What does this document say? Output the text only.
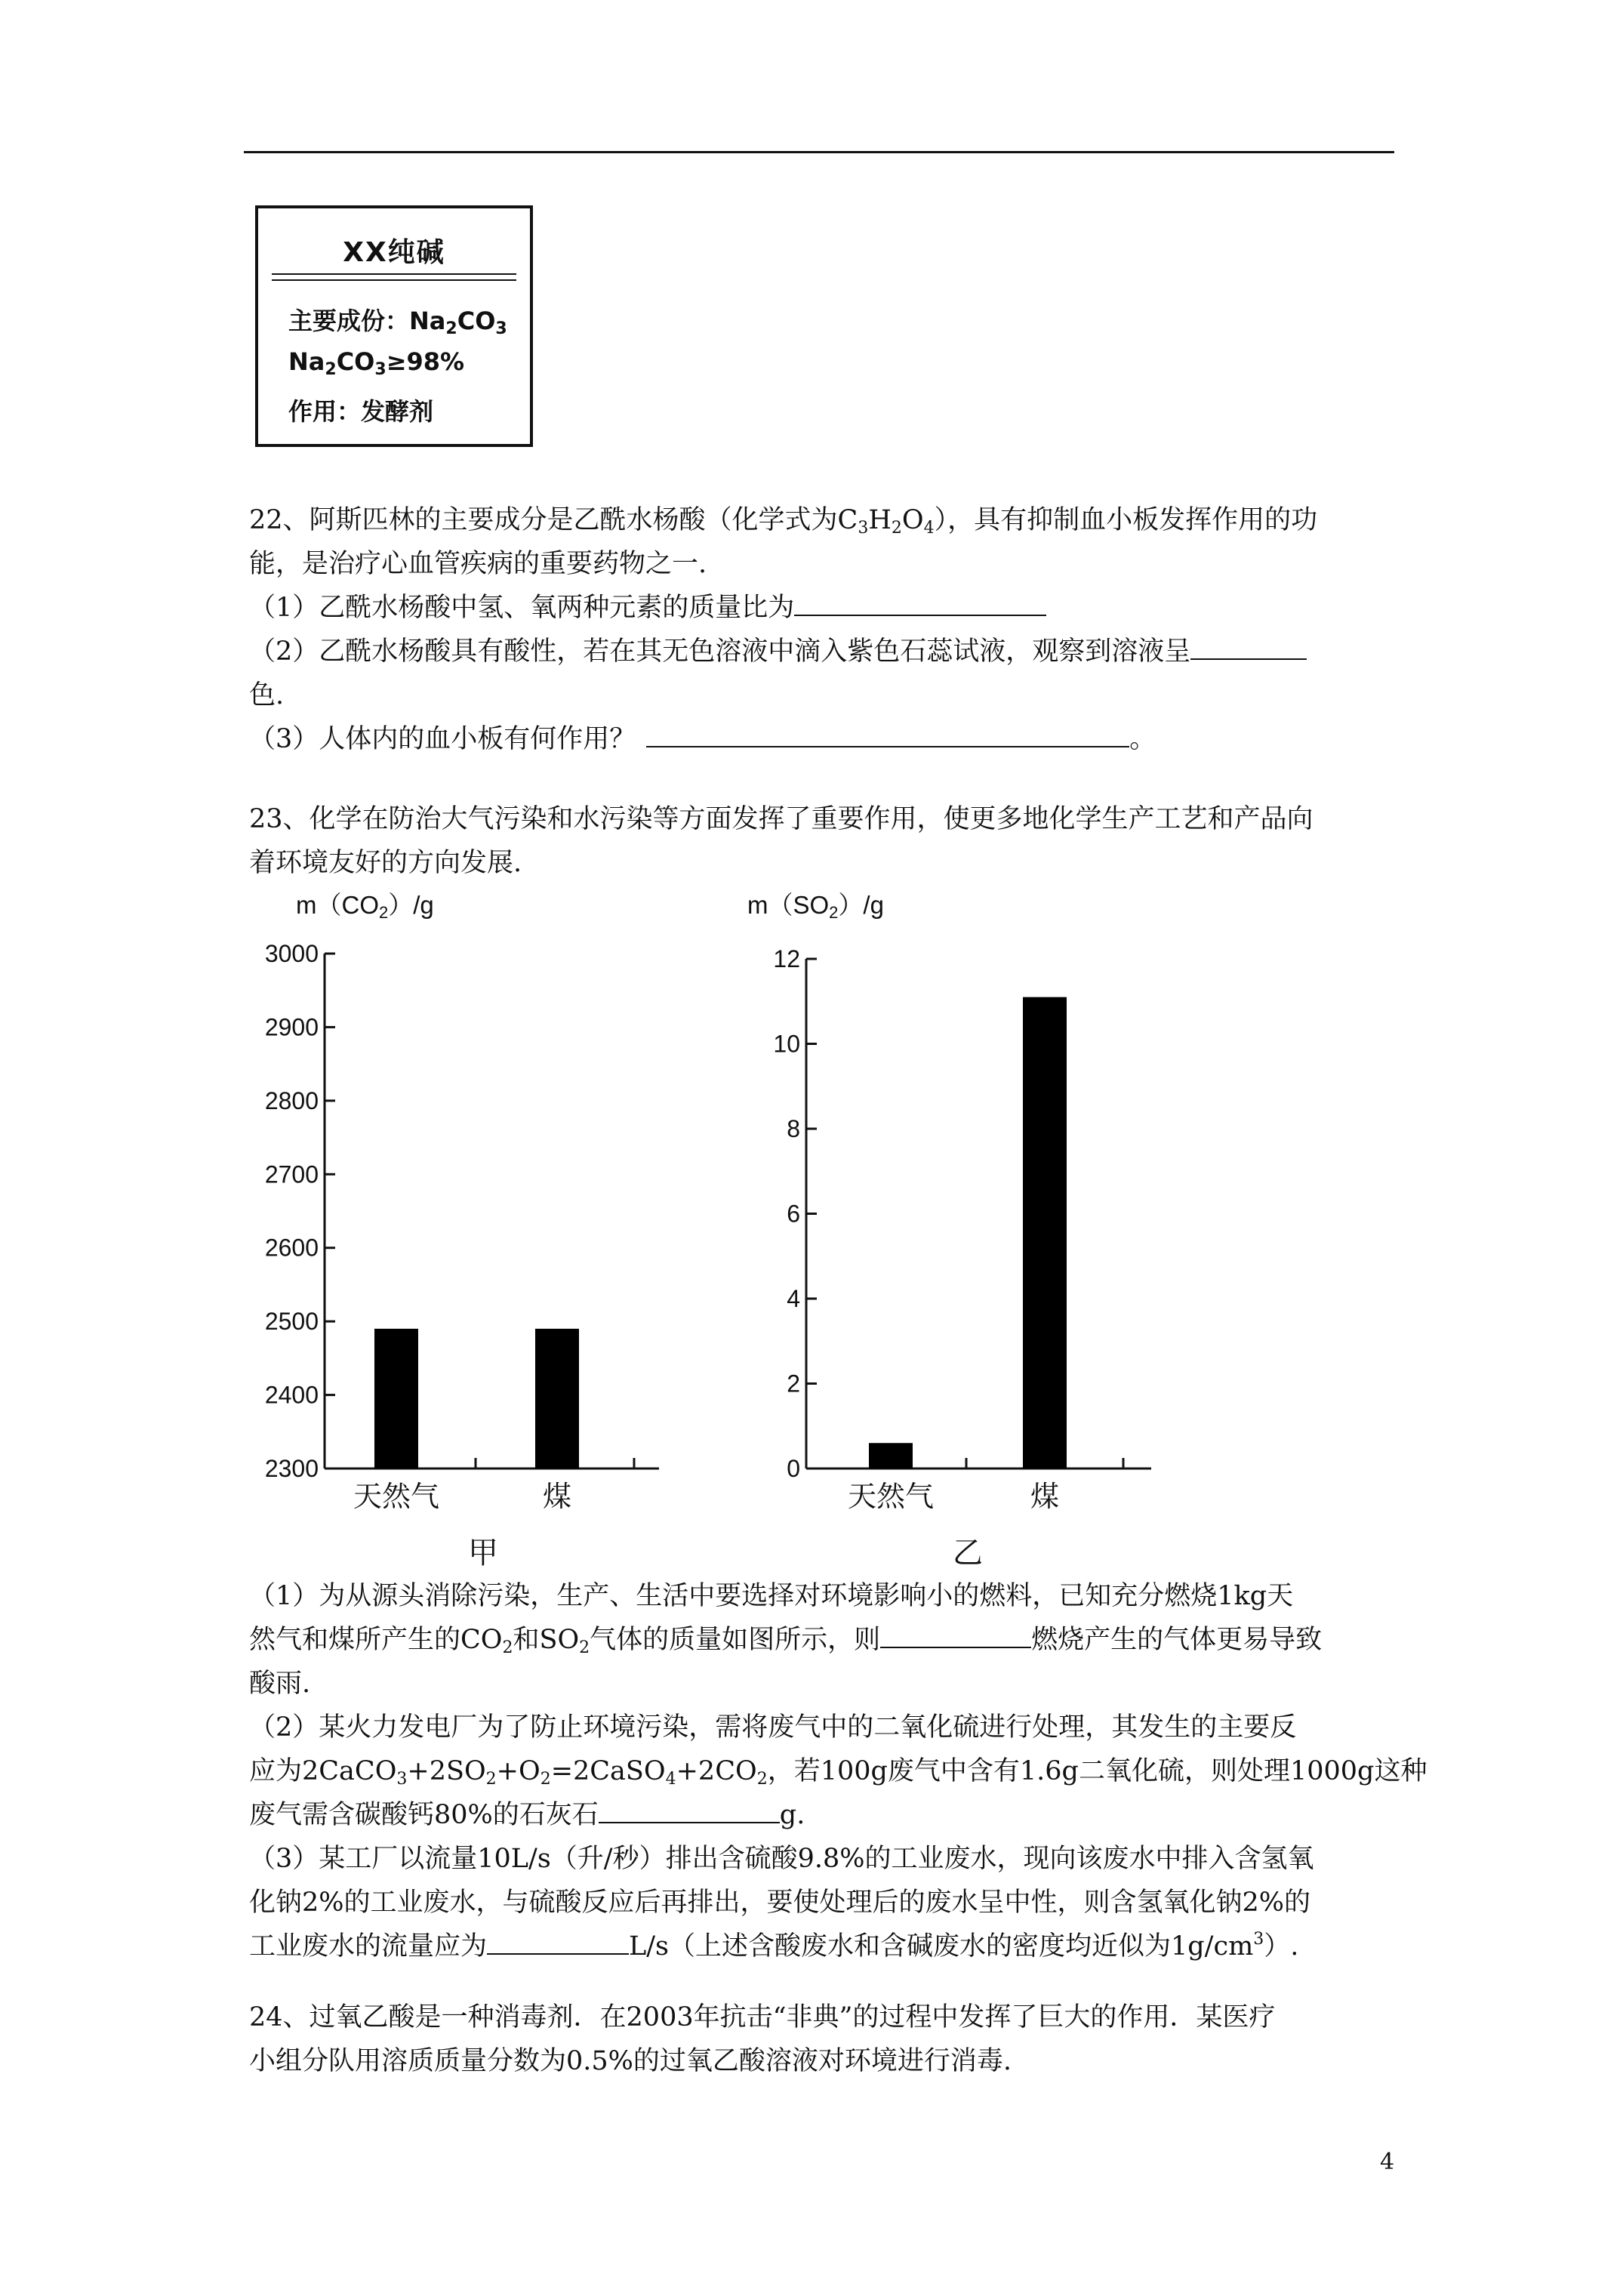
XX纯碱
主要成份：$Na_2CO_3$
$Na_2CO_3\ge 98\%$
作用：发酵剂
22、阿斯匹林的主要成分是乙酰水杨酸（化学式为$C_3H_2O_4$），具有抑制血小板发挥作用的功
能，是治疗心血管疾病的重要药物之一.
（1）乙酰水杨酸中氢、氧两种元素的质量比为
（2）乙酰水杨酸具有酸性，若在其无色溶液中滴入紫色石蕊试液，观察到溶液呈
色.
（3）人体内的血小板有何作用？	。
23、化学在防治大气污染和水污染等方面发挥了重要作用，使更多地化学生产工艺和产品向
着环境友好的方向发展.
m（CO2）/g
2300
2400
2500
2600
2700
2800
2900
3000
天然气	煤
甲
m（SO2）/g
0
2
4
6
8
10
12
天然气	煤
乙
（1）为从源头消除污染，生产、生活中要选择对环境影响小的燃料，已知充分燃烧1kg天
然气和煤所产生的$CO_2$和$SO_2$气体的质量如图所示，则	燃烧产生的气体更易导致
酸雨.
（2）某火力发电厂为了防止环境污染，需将废气中的二氧化硫进行处理，其发生的主要反
应为$2CaCO_3+2SO_2+O_2=2CaSO_4+2CO_2$，若100g废气中含有1.6g二氧化硫，则处理1000g这种
废气需含碳酸钙80%的石灰石	g.
（3）某工厂以流量10L/s（升/秒）排出含硫酸9.8%的工业废水，现向该废水中排入含氢氧
化钠2%的工业废水，与硫酸反应后再排出，要使处理后的废水呈中性，则含氢氧化钠2%的
工业废水的流量应为	L/s（上述含酸废水和含碱废水的密度均近似为$1g/cm^3$）.
24、过氧乙酸是一种消毒剂．在2003年抗击“非典”的过程中发挥了巨大的作用．某医疗
小组分队用溶质质量分数为0.5%的过氧乙酸溶液对环境进行消毒.
4
